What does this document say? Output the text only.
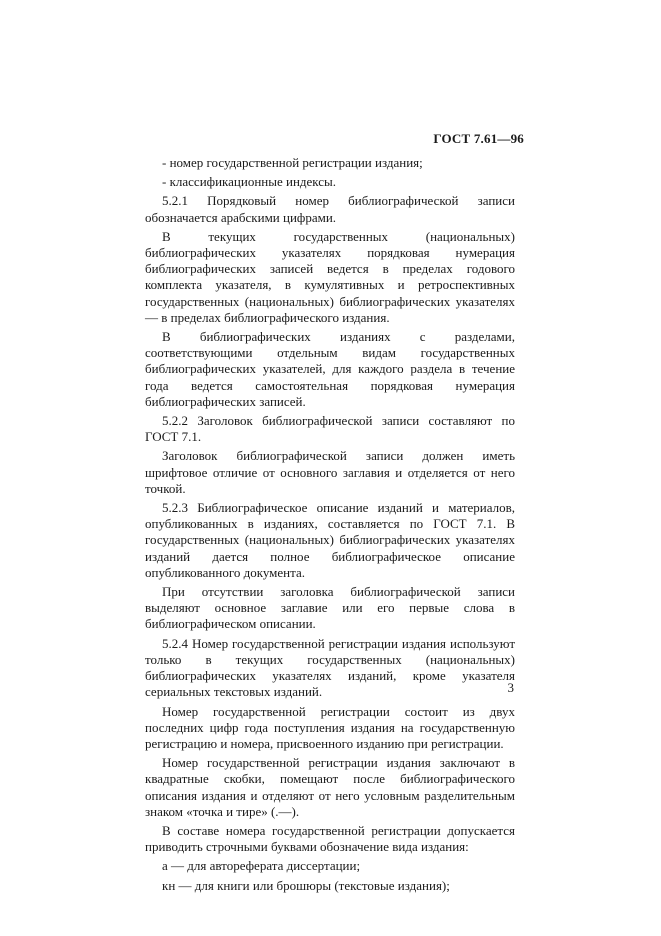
ГОСТ 7.61—96

- номер государственной регистрации издания;

- классификационные индексы.

5.2.1 Порядковый номер библиографической записи обозначается арабскими цифрами.

В текущих государственных (национальных) библиографических указателях порядковая нумерация библиографических записей ведется в пределах годового комплекта указателя, в кумулятивных и ретроспективных государственных (национальных) библиографических указателях — в пределах библиографического издания.

В библиографических изданиях с разделами, соответствующими отдельным видам государственных библиографических указателей, для каждого раздела в течение года ведется самостоятельная порядковая нумерация библиографических записей.

5.2.2 Заголовок библиографической записи составляют по ГОСТ 7.1.

Заголовок библиографической записи должен иметь шрифтовое отличие от основного заглавия и отделяется от него точкой.

5.2.3 Библиографическое описание изданий и материалов, опубликованных в изданиях, составляется по ГОСТ 7.1. В государственных (национальных) библиографических указателях изданий дается полное библиографическое описание опубликованного документа.

При отсутствии заголовка библиографической записи выделяют основное заглавие или его первые слова в библиографическом описании.

5.2.4 Номер государственной регистрации издания используют только в текущих государственных (национальных) библиографических указателях изданий, кроме указателя сериальных текстовых изданий.

Номер государственной регистрации состоит из двух последних цифр года поступления издания на государственную регистрацию и номера, присвоенного изданию при регистрации.

Номер государственной регистрации издания заключают в квадратные скобки, помещают после библиографического описания издания и отделяют от него условным разделительным знаком «точка и тире» (.—).

В составе номера государственной регистрации допускается приводить строчными буквами обозначение вида издания:

а — для автореферата диссертации;

кн — для книги или брошюры (текстовые издания);

3
